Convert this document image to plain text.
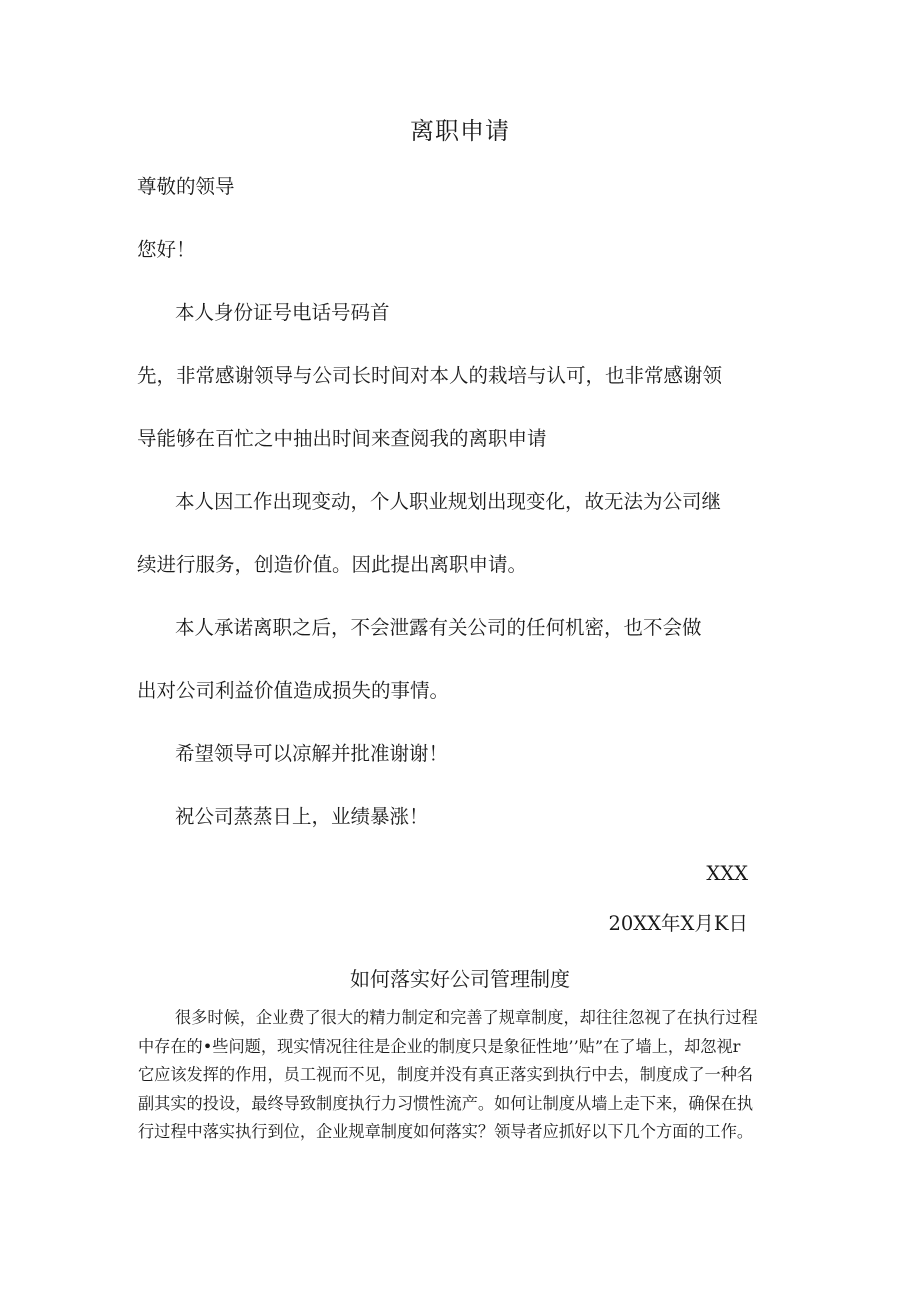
离职申请
尊敬的领导
您好！
本人身份证号电话号码首
先，非常感谢领导与公司长时间对本人的栽培与认可，也非常感谢领
导能够在百忙之中抽出时间来查阅我的离职申请
本人因工作出现变动，个人职业规划出现变化，故无法为公司继
续进行服务，创造价值。因此提出离职申请。
本人承诺离职之后，不会泄露有关公司的任何机密，也不会做
出对公司利益价值造成损失的事情。
希望领导可以凉解并批准谢谢！
祝公司蒸蒸日上，业绩暴涨！
XXX
20XX年X月K日
如何落实好公司管理制度
很多时候，企业费了很大的精力制定和完善了规章制度，却往往忽视了在执行过程
中存在的•些问题，现实情况往往是企业的制度只是象征性地’’贴”在了墙上，却忽视r
它应该发挥的作用，员工视而不见，制度并没有真正落实到执行中去，制度成了一种名
副其实的投设，最终导致制度执行力习惯性流产。如何让制度从墙上走下来，确保在执
行过程中落实执行到位，企业规章制度如何落实？领导者应抓好以下几个方面的工作。
